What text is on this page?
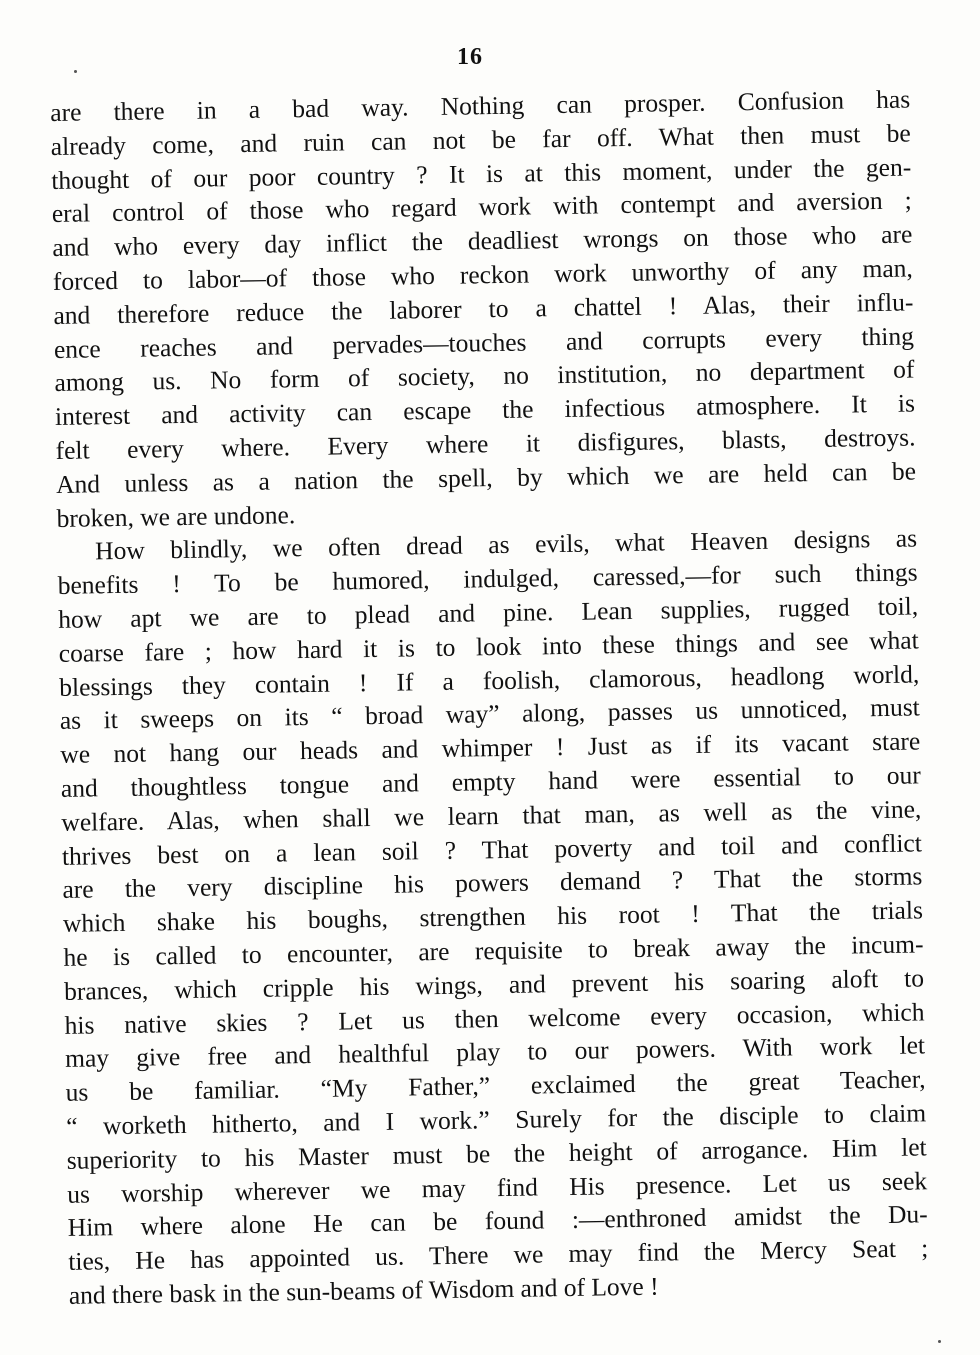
16
are there in a bad way. Nothing can prosper. Confusion has
already come, and ruin can not be far off. What then must be
thought of our poor country ? It is at this moment, under the gen-
eral control of those who regard work with contempt and aversion ;
and who every day inflict the deadliest wrongs on those who are
forced to labor—of those who reckon work unworthy of any man,
and therefore reduce the laborer to a chattel ! Alas, their influ-
ence reaches and pervades—touches and corrupts every thing
among us. No form of society, no institution, no department of
interest and activity can escape the infectious atmosphere. It is
felt every where. Every where it disfigures, blasts, destroys.
And unless as a nation the spell, by which we are held can be
broken, we are undone.
How blindly, we often dread as evils, what Heaven designs as
benefits ! To be humored, indulged, caressed,—for such things
how apt we are to plead and pine. Lean supplies, rugged toil,
coarse fare ; how hard it is to look into these things and see what
blessings they contain ! If a foolish, clamorous, headlong world,
as it sweeps on its “ broad way” along, passes us unnoticed, must
we not hang our heads and whimper ! Just as if its vacant stare
and thoughtless tongue and empty hand were essential to our
welfare. Alas, when shall we learn that man, as well as the vine,
thrives best on a lean soil ? That poverty and toil and conflict
are the very discipline his powers demand ? That the storms
which shake his boughs, strengthen his root ! That the trials
he is called to encounter, are requisite to break away the incum-
brances, which cripple his wings, and prevent his soaring aloft to
his native skies ? Let us then welcome every occasion, which
may give free and healthful play to our powers. With work let
us be familiar. “My Father,” exclaimed the great Teacher,
“ worketh hitherto, and I work.” Surely for the disciple to claim
superiority to his Master must be the height of arrogance. Him let
us worship wherever we may find His presence. Let us seek
Him where alone He can be found :—enthroned amidst the Du-
ties, He has appointed us. There we may find the Mercy Seat ;
and there bask in the sun-beams of Wisdom and of Love !
